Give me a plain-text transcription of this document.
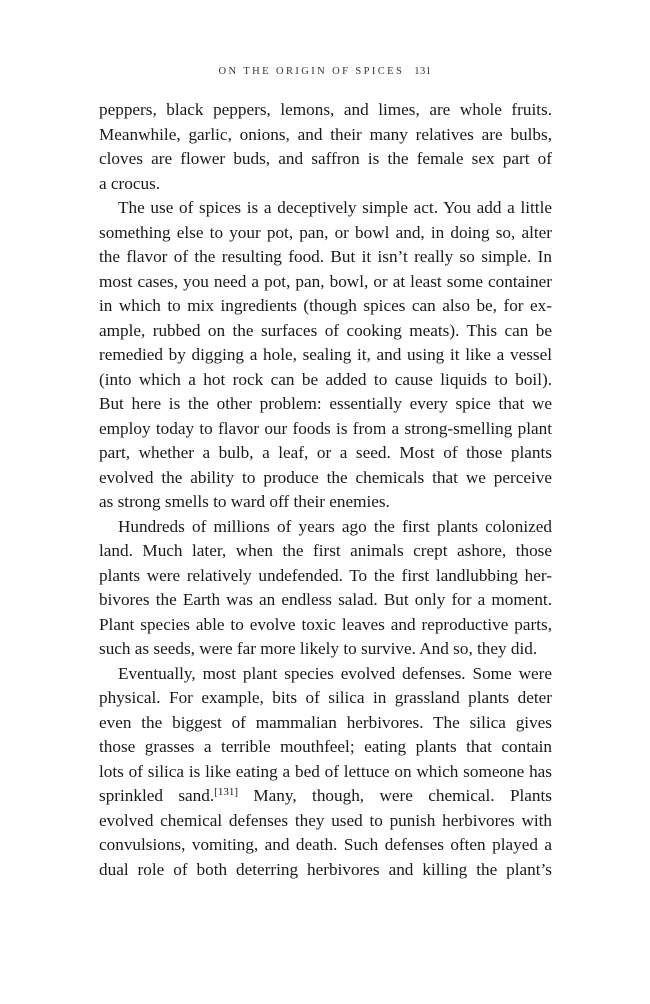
ON THE ORIGIN OF SPICES 131
peppers, black peppers, lemons, and limes, are whole fruits.
Meanwhile, garlic, onions, and their many relatives are bulbs,
cloves are flower buds, and saffron is the female sex part of
a crocus.
The use of spices is a deceptively simple act. You add a little
something else to your pot, pan, or bowl and, in doing so, alter
the flavor of the resulting food. But it isn’t really so simple. In
most cases, you need a pot, pan, bowl, or at least some container
in which to mix ingredients (though spices can also be, for ex-
ample, rubbed on the surfaces of cooking meats). This can be
remedied by digging a hole, sealing it, and using it like a vessel
(into which a hot rock can be added to cause liquids to boil).
But here is the other problem: essentially every spice that we
employ today to flavor our foods is from a strong-smelling plant
part, whether a bulb, a leaf, or a seed. Most of those plants
evolved the ability to produce the chemicals that we perceive
as strong smells to ward off their enemies.
Hundreds of millions of years ago the first plants colonized
land. Much later, when the first animals crept ashore, those
plants were relatively undefended. To the first landlubbing her-
bivores the Earth was an endless salad. But only for a moment.
Plant species able to evolve toxic leaves and reproductive parts,
such as seeds, were far more likely to survive. And so, they did.
Eventually, most plant species evolved defenses. Some were
physical. For example, bits of silica in grassland plants deter
even the biggest of mammalian herbivores. The silica gives
those grasses a terrible mouthfeel; eating plants that contain
lots of silica is like eating a bed of lettuce on which someone has
sprinkled sand.[131] Many, though, were chemical. Plants
evolved chemical defenses they used to punish herbivores with
convulsions, vomiting, and death. Such defenses often played a
dual role of both deterring herbivores and killing the plant’s
